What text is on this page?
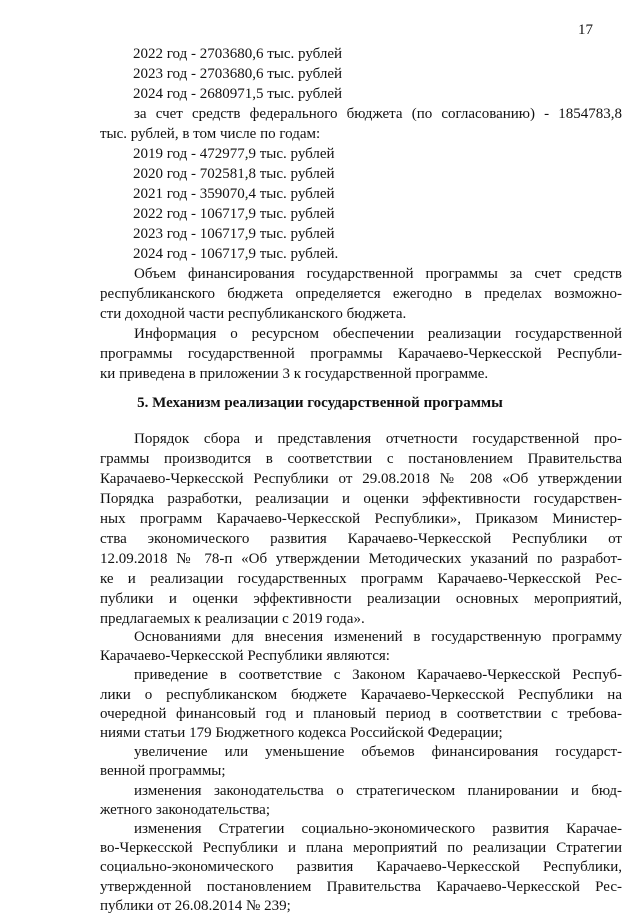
17
2022 год - 2703680,6 тыс. рублей
2023 год - 2703680,6 тыс. рублей
2024 год - 2680971,5 тыс. рублей
за счет средств федерального бюджета (по согласованию) - 1854783,8
тыс. рублей, в том числе по годам:
2019 год - 472977,9 тыс. рублей
2020 год - 702581,8 тыс. рублей
2021 год - 359070,4 тыс. рублей
2022 год - 106717,9 тыс. рублей
2023 год - 106717,9 тыс. рублей
2024 год - 106717,9 тыс. рублей.
Объем финансирования государственной программы за счет средств
республиканского бюджета определяется ежегодно в пределах возможно-
сти доходной части республиканского бюджета.
Информация о ресурсном обеспечении реализации государственной
программы государственной программы Карачаево-Черкесской Республи-
ки приведена в приложении 3 к государственной программе.
5. Механизм реализации государственной программы
Порядок сбора и представления отчетности государственной про-
граммы производится в соответствии с постановлением Правительства
Карачаево-Черкесской Республики от 29.08.2018 № 208 «Об утверждении
Порядка разработки, реализации и оценки эффективности государствен-
ных программ Карачаево-Черкесской Республики», Приказом Министер-
ства экономического развития Карачаево-Черкесской Республики от
12.09.2018 № 78-п «Об утверждении Методических указаний по разработ-
ке и реализации государственных программ Карачаево-Черкесской Рес-
публики и оценки эффективности реализации основных мероприятий,
предлагаемых к реализации с 2019 года».
Основаниями для внесения изменений в государственную программу
Карачаево-Черкесской Республики являются:
приведение в соответствие с Законом Карачаево-Черкесской Респуб-
лики о республиканском бюджете Карачаево-Черкесской Республики на
очередной финансовый год и плановый период в соответствии с требова-
ниями статьи 179 Бюджетного кодекса Российской Федерации;
увеличение или уменьшение объемов финансирования государст-
венной программы;
изменения законодательства о стратегическом планировании и бюд-
жетного законодательства;
изменения Стратегии социально-экономического развития Карачае-
во-Черкесской Республики и плана мероприятий по реализации Стратегии
социально-экономического развития Карачаево-Черкесской Республики,
утвержденной постановлением Правительства Карачаево-Черкесской Рес-
публики от 26.08.2014 № 239;
